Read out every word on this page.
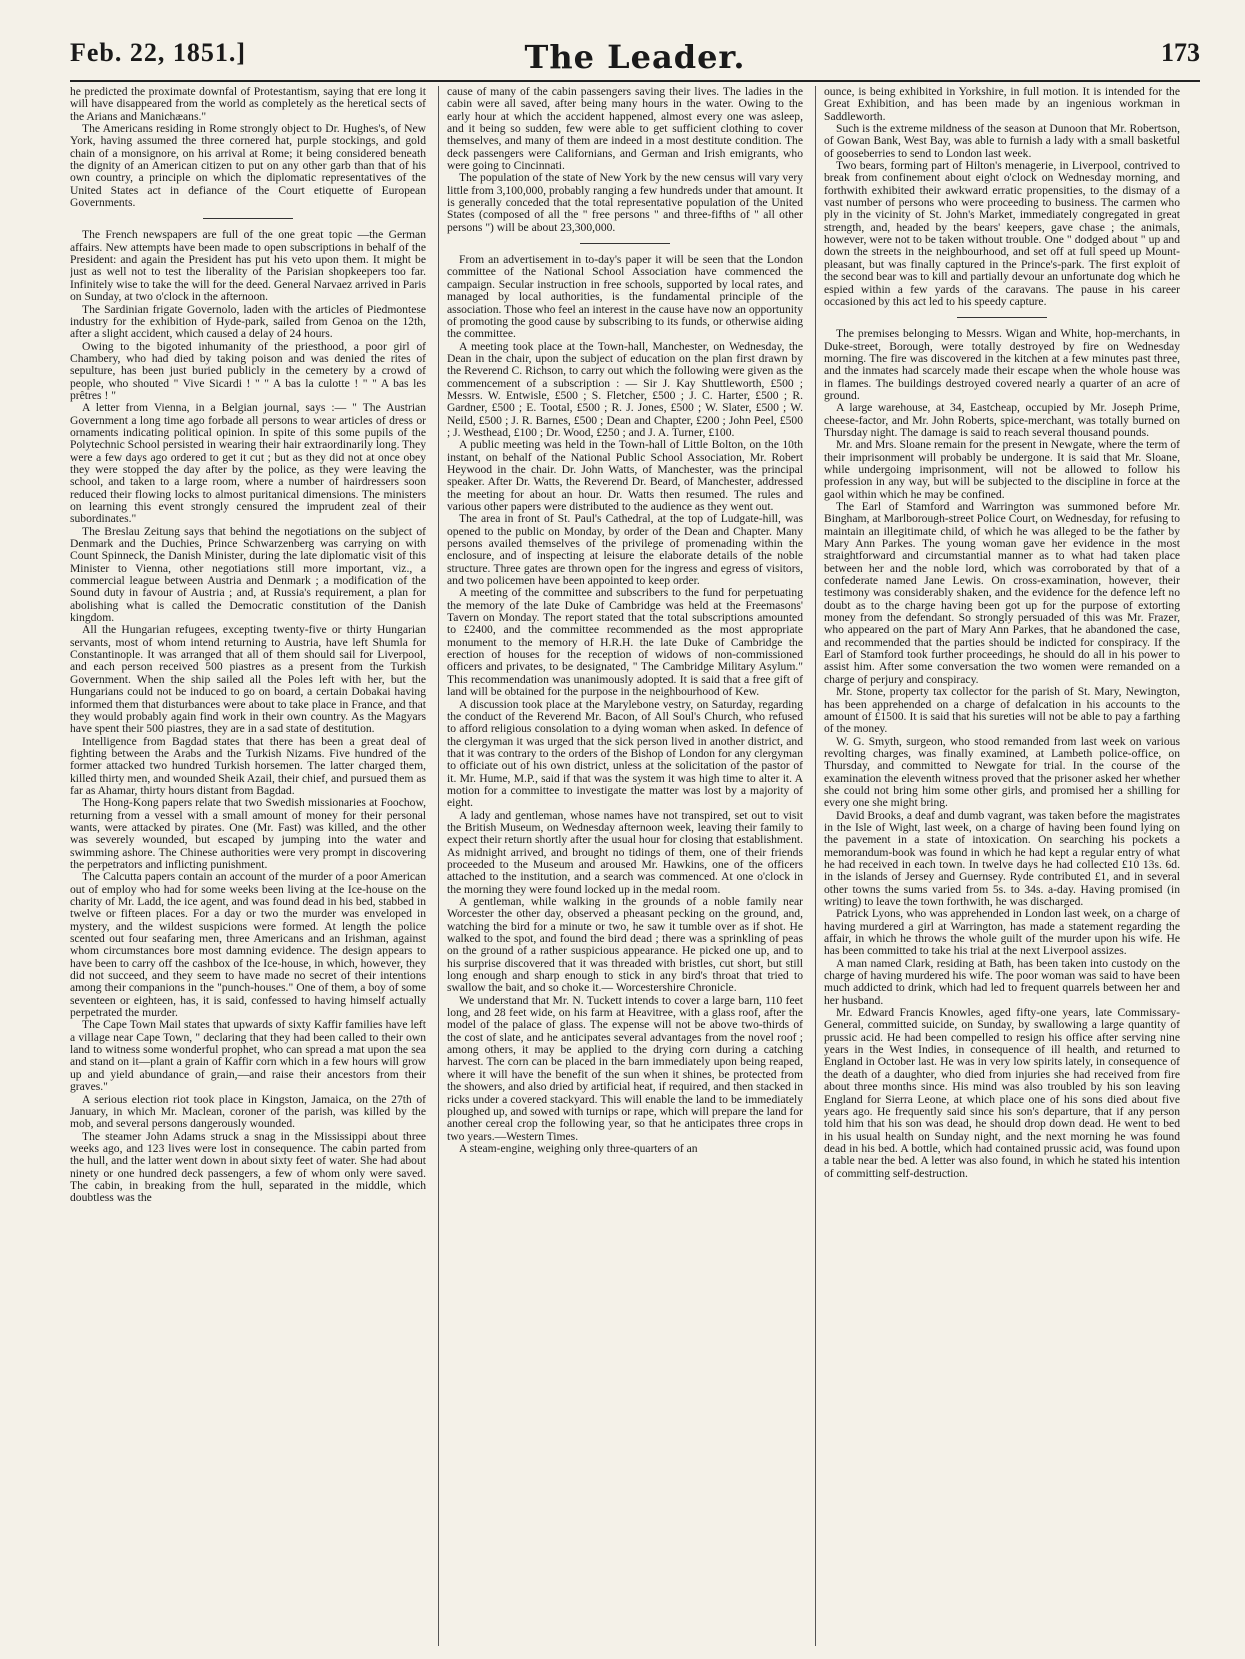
Feb. 22, 1851.]	The Leader.	173

he predicted the proximate downfal of Protestantism, saying that ere long it will have disappeared from the world as completely as the heretical sects of the Arians and Manichæans."

The Americans residing in Rome strongly object to Dr. Hughes's, of New York, having assumed the three cornered hat, purple stockings, and gold chain of a monsignore, on his arrival at Rome; it being considered beneath the dignity of an American citizen to put on any other garb than that of his own country, a principle on which the diplomatic representatives of the United States act in defiance of the Court etiquette of European Governments.

The French newspapers are full of the one great topic —the German affairs. New attempts have been made to open subscriptions in behalf of the President: and again the President has put his veto upon them. It might be just as well not to test the liberality of the Parisian shopkeepers too far. Infinitely wise to take the will for the deed. General Narvaez arrived in Paris on Sunday, at two o'clock in the afternoon.

The Sardinian frigate Governolo, laden with the articles of Piedmontese industry for the exhibition of Hyde-park, sailed from Genoa on the 12th, after a slight accident, which caused a delay of 24 hours.

Owing to the bigoted inhumanity of the priesthood, a poor girl of Chambery, who had died by taking poison and was denied the rites of sepulture, has been just buried publicly in the cemetery by a crowd of people, who shouted " Vive Sicardi ! " " A bas la culotte ! " " A bas les prêtres ! "

A letter from Vienna, in a Belgian journal, says :— " The Austrian Government a long time ago forbade all persons to wear articles of dress or ornaments indicating political opinion. In spite of this some pupils of the Polytechnic School persisted in wearing their hair extraordinarily long. They were a few days ago ordered to get it cut ; but as they did not at once obey they were stopped the day after by the police, as they were leaving the school, and taken to a large room, where a number of hairdressers soon reduced their flowing locks to almost puritanical dimensions. The ministers on learning this event strongly censured the imprudent zeal of their subordinates."

The Breslau Zeitung says that behind the negotiations on the subject of Denmark and the Duchies, Prince Schwarzenberg was carrying on with Count Spinneck, the Danish Minister, during the late diplomatic visit of this Minister to Vienna, other negotiations still more important, viz., a commercial league between Austria and Denmark ; a modification of the Sound duty in favour of Austria ; and, at Russia's requirement, a plan for abolishing what is called the Democratic constitution of the Danish kingdom.

All the Hungarian refugees, excepting twenty-five or thirty Hungarian servants, most of whom intend returning to Austria, have left Shumla for Constantinople. It was arranged that all of them should sail for Liverpool, and each person received 500 piastres as a present from the Turkish Government. When the ship sailed all the Poles left with her, but the Hungarians could not be induced to go on board, a certain Dobakai having informed them that disturbances were about to take place in France, and that they would probably again find work in their own country. As the Magyars have spent their 500 piastres, they are in a sad state of destitution.

Intelligence from Bagdad states that there has been a great deal of fighting between the Arabs and the Turkish Nizams. Five hundred of the former attacked two hundred Turkish horsemen. The latter charged them, killed thirty men, and wounded Sheik Azail, their chief, and pursued them as far as Ahamar, thirty hours distant from Bagdad.

The Hong-Kong papers relate that two Swedish missionaries at Foochow, returning from a vessel with a small amount of money for their personal wants, were attacked by pirates. One (Mr. Fast) was killed, and the other was severely wounded, but escaped by jumping into the water and swimming ashore. The Chinese authorities were very prompt in discovering the perpetrators and inflicting punishment.

The Calcutta papers contain an account of the murder of a poor American out of employ who had for some weeks been living at the Ice-house on the charity of Mr. Ladd, the ice agent, and was found dead in his bed, stabbed in twelve or fifteen places. For a day or two the murder was enveloped in mystery, and the wildest suspicions were formed. At length the police scented out four seafaring men, three Americans and an Irishman, against whom circumstances bore most damning evidence. The design appears to have been to carry off the cashbox of the Ice-house, in which, however, they did not succeed, and they seem to have made no secret of their intentions among their companions in the "punch-houses." One of them, a boy of some seventeen or eighteen, has, it is said, confessed to having himself actually perpetrated the murder.

The Cape Town Mail states that upwards of sixty Kaffir families have left a village near Cape Town, " declaring that they had been called to their own land to witness some wonderful prophet, who can spread a mat upon the sea and stand on it—plant a grain of Kaffir corn which in a few hours will grow up and yield abundance of grain,—and raise their ancestors from their graves."

A serious election riot took place in Kingston, Jamaica, on the 27th of January, in which Mr. Maclean, coroner of the parish, was killed by the mob, and several persons dangerously wounded.

The steamer John Adams struck a snag in the Mississippi about three weeks ago, and 123 lives were lost in consequence. The cabin parted from the hull, and the latter went down in about sixty feet of water. She had about ninety or one hundred deck passengers, a few of whom only were saved. The cabin, in breaking from the hull, separated in the middle, which doubtless was the

cause of many of the cabin passengers saving their lives. The ladies in the cabin were all saved, after being many hours in the water. Owing to the early hour at which the accident happened, almost every one was asleep, and it being so sudden, few were able to get sufficient clothing to cover themselves, and many of them are indeed in a most destitute condition. The deck passengers were Californians, and German and Irish emigrants, who were going to Cincinnati.

The population of the state of New York by the new census will vary very little from 3,100,000, probably ranging a few hundreds under that amount. It is generally conceded that the total representative population of the United States (composed of all the " free persons " and three-fifths of " all other persons ") will be about 23,300,000.

From an advertisement in to-day's paper it will be seen that the London committee of the National School Association have commenced the campaign. Secular instruction in free schools, supported by local rates, and managed by local authorities, is the fundamental principle of the association. Those who feel an interest in the cause have now an opportunity of promoting the good cause by subscribing to its funds, or otherwise aiding the committee.

A meeting took place at the Town-hall, Manchester, on Wednesday, the Dean in the chair, upon the subject of education on the plan first drawn by the Reverend C. Richson, to carry out which the following were given as the commencement of a subscription : — Sir J. Kay Shuttleworth, £500 ; Messrs. W. Entwisle, £500 ; S. Fletcher, £500 ; J. C. Harter, £500 ; R. Gardner, £500 ; E. Tootal, £500 ; R. J. Jones, £500 ; W. Slater, £500 ; W. Neild, £500 ; J. R. Barnes, £500 ; Dean and Chapter, £200 ; John Peel, £500 ; J. Westhead, £100 ; Dr. Wood, £250 ; and J. A. Turner, £100.

A public meeting was held in the Town-hall of Little Bolton, on the 10th instant, on behalf of the National Public School Association, Mr. Robert Heywood in the chair. Dr. John Watts, of Manchester, was the principal speaker. After Dr. Watts, the Reverend Dr. Beard, of Manchester, addressed the meeting for about an hour. Dr. Watts then resumed. The rules and various other papers were distributed to the audience as they went out.

The area in front of St. Paul's Cathedral, at the top of Ludgate-hill, was opened to the public on Monday, by order of the Dean and Chapter. Many persons availed themselves of the privilege of promenading within the enclosure, and of inspecting at leisure the elaborate details of the noble structure. Three gates are thrown open for the ingress and egress of visitors, and two policemen have been appointed to keep order.

A meeting of the committee and subscribers to the fund for perpetuating the memory of the late Duke of Cambridge was held at the Freemasons' Tavern on Monday. The report stated that the total subscriptions amounted to £2400, and the committee recommended as the most appropriate monument to the memory of H.R.H. the late Duke of Cambridge the erection of houses for the reception of widows of non-commissioned officers and privates, to be designated, " The Cambridge Military Asylum." This recommendation was unanimously adopted. It is said that a free gift of land will be obtained for the purpose in the neighbourhood of Kew.

A discussion took place at the Marylebone vestry, on Saturday, regarding the conduct of the Reverend Mr. Bacon, of All Soul's Church, who refused to afford religious consolation to a dying woman when asked. In defence of the clergyman it was urged that the sick person lived in another district, and that it was contrary to the orders of the Bishop of London for any clergyman to officiate out of his own district, unless at the solicitation of the pastor of it. Mr. Hume, M.P., said if that was the system it was high time to alter it. A motion for a committee to investigate the matter was lost by a majority of eight.

A lady and gentleman, whose names have not transpired, set out to visit the British Museum, on Wednesday afternoon week, leaving their family to expect their return shortly after the usual hour for closing that establishment. As midnight arrived, and brought no tidings of them, one of their friends proceeded to the Museum and aroused Mr. Hawkins, one of the officers attached to the institution, and a search was commenced. At one o'clock in the morning they were found locked up in the medal room.

A gentleman, while walking in the grounds of a noble family near Worcester the other day, observed a pheasant pecking on the ground, and, watching the bird for a minute or two, he saw it tumble over as if shot. He walked to the spot, and found the bird dead ; there was a sprinkling of peas on the ground of a rather suspicious appearance. He picked one up, and to his surprise discovered that it was threaded with bristles, cut short, but still long enough and sharp enough to stick in any bird's throat that tried to swallow the bait, and so choke it.— Worcestershire Chronicle.

We understand that Mr. N. Tuckett intends to cover a large barn, 110 feet long, and 28 feet wide, on his farm at Heavitree, with a glass roof, after the model of the palace of glass. The expense will not be above two-thirds of the cost of slate, and he anticipates several advantages from the novel roof ; among others, it may be applied to the drying corn during a catching harvest. The corn can be placed in the barn immediately upon being reaped, where it will have the benefit of the sun when it shines, be protected from the showers, and also dried by artificial heat, if required, and then stacked in ricks under a covered stackyard. This will enable the land to be immediately ploughed up, and sowed with turnips or rape, which will prepare the land for another cereal crop the following year, so that he anticipates three crops in two years.—Western Times.

A steam-engine, weighing only three-quarters of an

ounce, is being exhibited in Yorkshire, in full motion. It is intended for the Great Exhibition, and has been made by an ingenious workman in Saddleworth.

Such is the extreme mildness of the season at Dunoon that Mr. Robertson, of Gowan Bank, West Bay, was able to furnish a lady with a small basketful of gooseberries to send to London last week.

Two bears, forming part of Hilton's menagerie, in Liverpool, contrived to break from confinement about eight o'clock on Wednesday morning, and forthwith exhibited their awkward erratic propensities, to the dismay of a vast number of persons who were proceeding to business. The carmen who ply in the vicinity of St. John's Market, immediately congregated in great strength, and, headed by the bears' keepers, gave chase ; the animals, however, were not to be taken without trouble. One " dodged about " up and down the streets in the neighbourhood, and set off at full speed up Mount-pleasant, but was finally captured in the Prince's-park. The first exploit of the second bear was to kill and partially devour an unfortunate dog which he espied within a few yards of the caravans. The pause in his career occasioned by this act led to his speedy capture.

The premises belonging to Messrs. Wigan and White, hop-merchants, in Duke-street, Borough, were totally destroyed by fire on Wednesday morning. The fire was discovered in the kitchen at a few minutes past three, and the inmates had scarcely made their escape when the whole house was in flames. The buildings destroyed covered nearly a quarter of an acre of ground.

A large warehouse, at 34, Eastcheap, occupied by Mr. Joseph Prime, cheese-factor, and Mr. John Roberts, spice-merchant, was totally burned on Thursday night. The damage is said to reach several thousand pounds.

Mr. and Mrs. Sloane remain for the present in Newgate, where the term of their imprisonment will probably be undergone. It is said that Mr. Sloane, while undergoing imprisonment, will not be allowed to follow his profession in any way, but will be subjected to the discipline in force at the gaol within which he may be confined.

The Earl of Stamford and Warrington was summoned before Mr. Bingham, at Marlborough-street Police Court, on Wednesday, for refusing to maintain an illegitimate child, of which he was alleged to be the father by Mary Ann Parkes. The young woman gave her evidence in the most straightforward and circumstantial manner as to what had taken place between her and the noble lord, which was corroborated by that of a confederate named Jane Lewis. On cross-examination, however, their testimony was considerably shaken, and the evidence for the defence left no doubt as to the charge having been got up for the purpose of extorting money from the defendant. So strongly persuaded of this was Mr. Frazer, who appeared on the part of Mary Ann Parkes, that he abandoned the case, and recommended that the parties should be indicted for conspiracy. If the Earl of Stamford took further proceedings, he should do all in his power to assist him. After some conversation the two women were remanded on a charge of perjury and conspiracy.

Mr. Stone, property tax collector for the parish of St. Mary, Newington, has been apprehended on a charge of defalcation in his accounts to the amount of £1500. It is said that his sureties will not be able to pay a farthing of the money.

W. G. Smyth, surgeon, who stood remanded from last week on various revolting charges, was finally examined, at Lambeth police-office, on Thursday, and committed to Newgate for trial. In the course of the examination the eleventh witness proved that the prisoner asked her whether she could not bring him some other girls, and promised her a shilling for every one she might bring.

David Brooks, a deaf and dumb vagrant, was taken before the magistrates in the Isle of Wight, last week, on a charge of having been found lying on the pavement in a state of intoxication. On searching his pockets a memorandum-book was found in which he had kept a regular entry of what he had received in each town. In twelve days he had collected £10 13s. 6d. in the islands of Jersey and Guernsey. Ryde contributed £1, and in several other towns the sums varied from 5s. to 34s. a-day. Having promised (in writing) to leave the town forthwith, he was discharged.

Patrick Lyons, who was apprehended in London last week, on a charge of having murdered a girl at Warrington, has made a statement regarding the affair, in which he throws the whole guilt of the murder upon his wife. He has been committed to take his trial at the next Liverpool assizes.

A man named Clark, residing at Bath, has been taken into custody on the charge of having murdered his wife. The poor woman was said to have been much addicted to drink, which had led to frequent quarrels between her and her husband.

Mr. Edward Francis Knowles, aged fifty-one years, late Commissary-General, committed suicide, on Sunday, by swallowing a large quantity of prussic acid. He had been compelled to resign his office after serving nine years in the West Indies, in consequence of ill health, and returned to England in October last. He was in very low spirits lately, in consequence of the death of a daughter, who died from injuries she had received from fire about three months since. His mind was also troubled by his son leaving England for Sierra Leone, at which place one of his sons died about five years ago. He frequently said since his son's departure, that if any person told him that his son was dead, he should drop down dead. He went to bed in his usual health on Sunday night, and the next morning he was found dead in his bed. A bottle, which had contained prussic acid, was found upon a table near the bed. A letter was also found, in which he stated his intention of committing self-destruction.
